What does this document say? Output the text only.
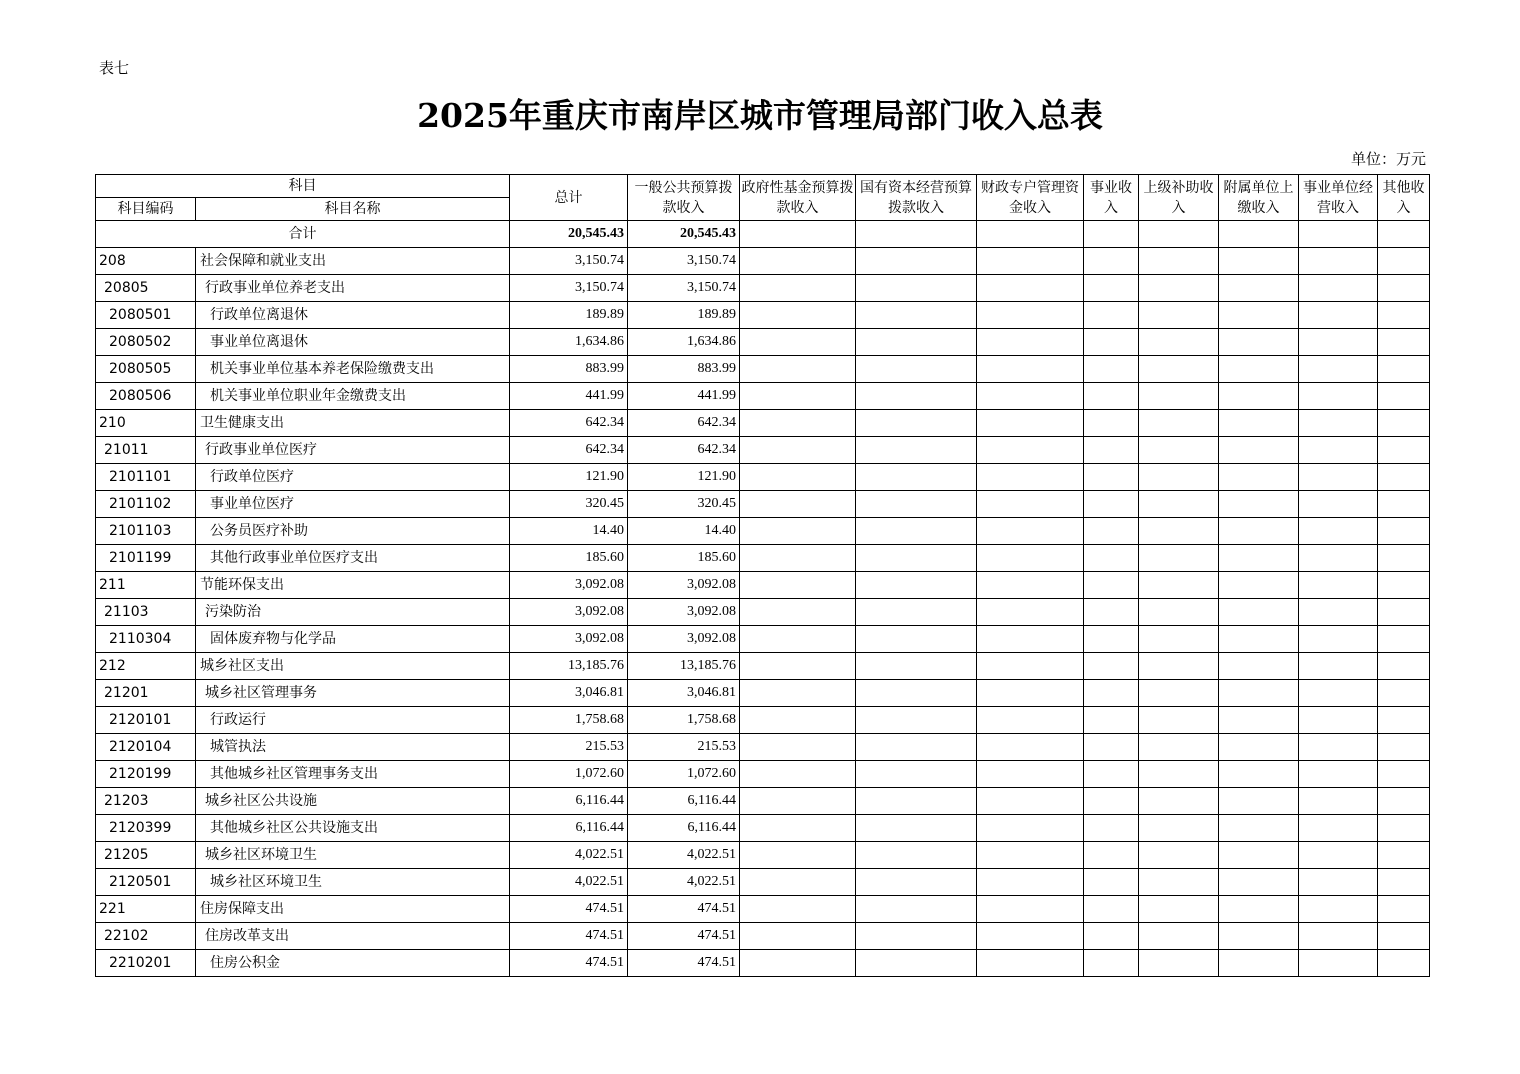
表七
2025年重庆市南岸区城市管理局部门收入总表
单位：万元
科目		总计	一般公共预算拨款收入	政府性基金预算拨款收入	国有资本经营预算拨款收入	财政专户管理资金收入	事业收入	上级补助收入	附属单位上缴收入	事业单位经营收入	其他收入
科目编码	科目名称										
合计		20,545.43	20,545.43								
208	社会保障和就业支出	3,150.74	3,150.74								
20805	行政事业单位养老支出	3,150.74	3,150.74								
2080501	行政单位离退休	189.89	189.89								
2080502	事业单位离退休	1,634.86	1,634.86								
2080505	机关事业单位基本养老保险缴费支出	883.99	883.99								
2080506	机关事业单位职业年金缴费支出	441.99	441.99								
210	卫生健康支出	642.34	642.34								
21011	行政事业单位医疗	642.34	642.34								
2101101	行政单位医疗	121.90	121.90								
2101102	事业单位医疗	320.45	320.45								
2101103	公务员医疗补助	14.40	14.40								
2101199	其他行政事业单位医疗支出	185.60	185.60								
211	节能环保支出	3,092.08	3,092.08								
21103	污染防治	3,092.08	3,092.08								
2110304	固体废弃物与化学品	3,092.08	3,092.08								
212	城乡社区支出	13,185.76	13,185.76								
21201	城乡社区管理事务	3,046.81	3,046.81								
2120101	行政运行	1,758.68	1,758.68								
2120104	城管执法	215.53	215.53								
2120199	其他城乡社区管理事务支出	1,072.60	1,072.60								
21203	城乡社区公共设施	6,116.44	6,116.44								
2120399	其他城乡社区公共设施支出	6,116.44	6,116.44								
21205	城乡社区环境卫生	4,022.51	4,022.51								
2120501	城乡社区环境卫生	4,022.51	4,022.51								
221	住房保障支出	474.51	474.51								
22102	住房改革支出	474.51	474.51								
2210201	住房公积金	474.51	474.51								
